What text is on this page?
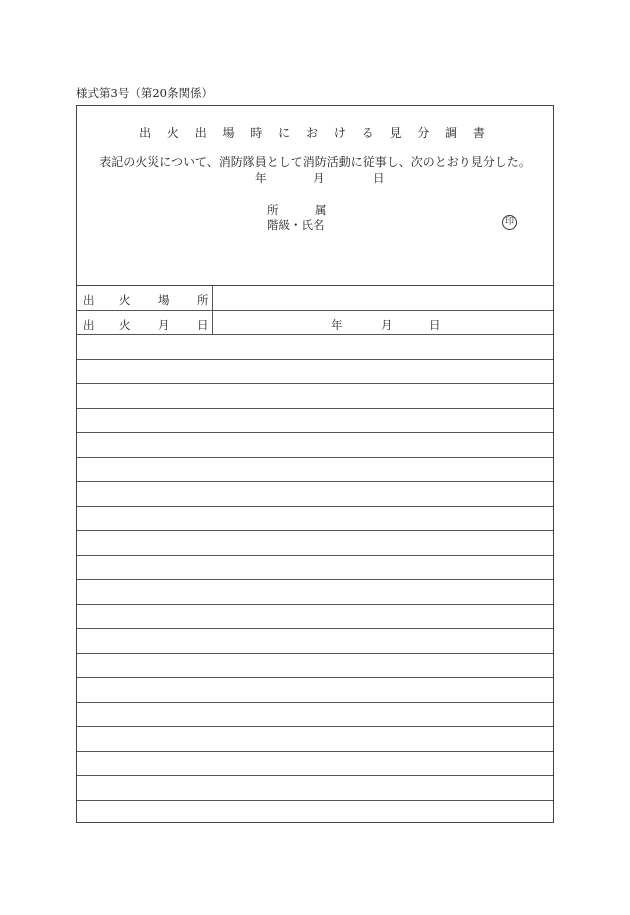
様式第3号（第20条関係）
出 火 出 場 時 に お け る 見 分 調 書
表記の火災について、消防隊員として消防活動に従事し、次のとおり見分した。
年	月	日
所	属
階級・氏名	印
出 火 場 所
出 火 月 日	年	月	日
